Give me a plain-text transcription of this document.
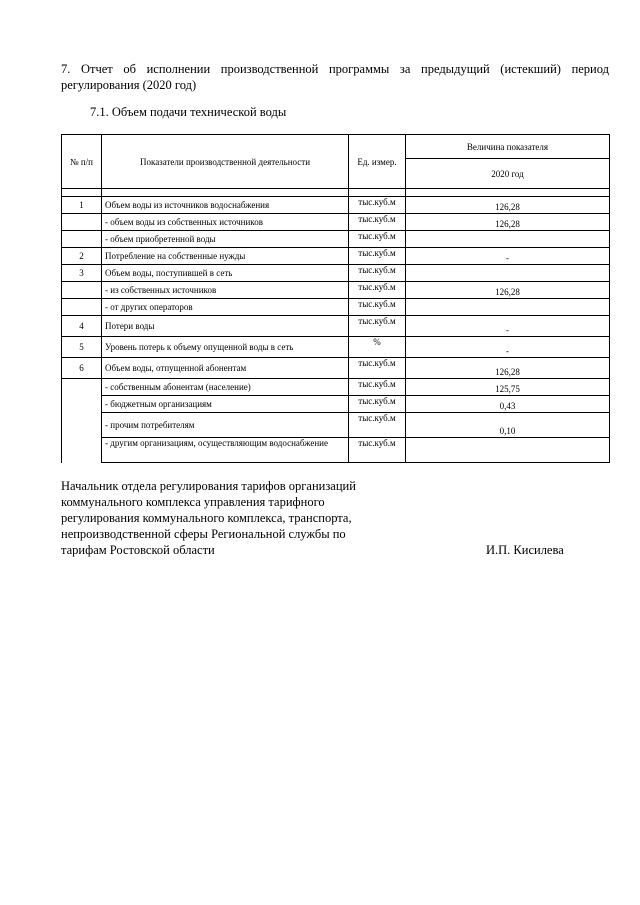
7. Отчет об исполнении производственной программы за предыдущий (истекший) период регулирования (2020 год)
7.1. Объем подачи технической воды
№ п/п	Показатели производственной деятельности	Ед. измер.	Величина показателя
			2020 год

1	Объем воды из источников водоснабжения	тыс.куб.м	126,28
	- объем воды из собственных источников	тыс.куб.м	126,28
	- объем приобретенной воды	тыс.куб.м	
2	Потребление на собственные нужды	тыс.куб.м	-
3	Объем воды, поступившей в сеть	тыс.куб.м	
	- из собственных источников	тыс.куб.м	126,28
	- от других операторов	тыс.куб.м	
4	Потери воды	тыс.куб.м	-
5	Уровень потерь к объему опущенной воды в сеть	%	-
6	Объем воды, отпущенной абонентам	тыс.куб.м	126,28
	- собственным абонентам (население)	тыс.куб.м	125,75
	- бюджетным организациям	тыс.куб.м	0,43
	- прочим потребителям	тыс.куб.м	0,10
	- другим организациям, осуществляющим водоснабжение	тыс.куб.м	
Начальник отдела регулирования тарифов организаций коммунального комплекса управления тарифного регулирования коммунального комплекса, транспорта, непроизводственной сферы Региональной службы по тарифам Ростовской области	И.П. Кисилева
